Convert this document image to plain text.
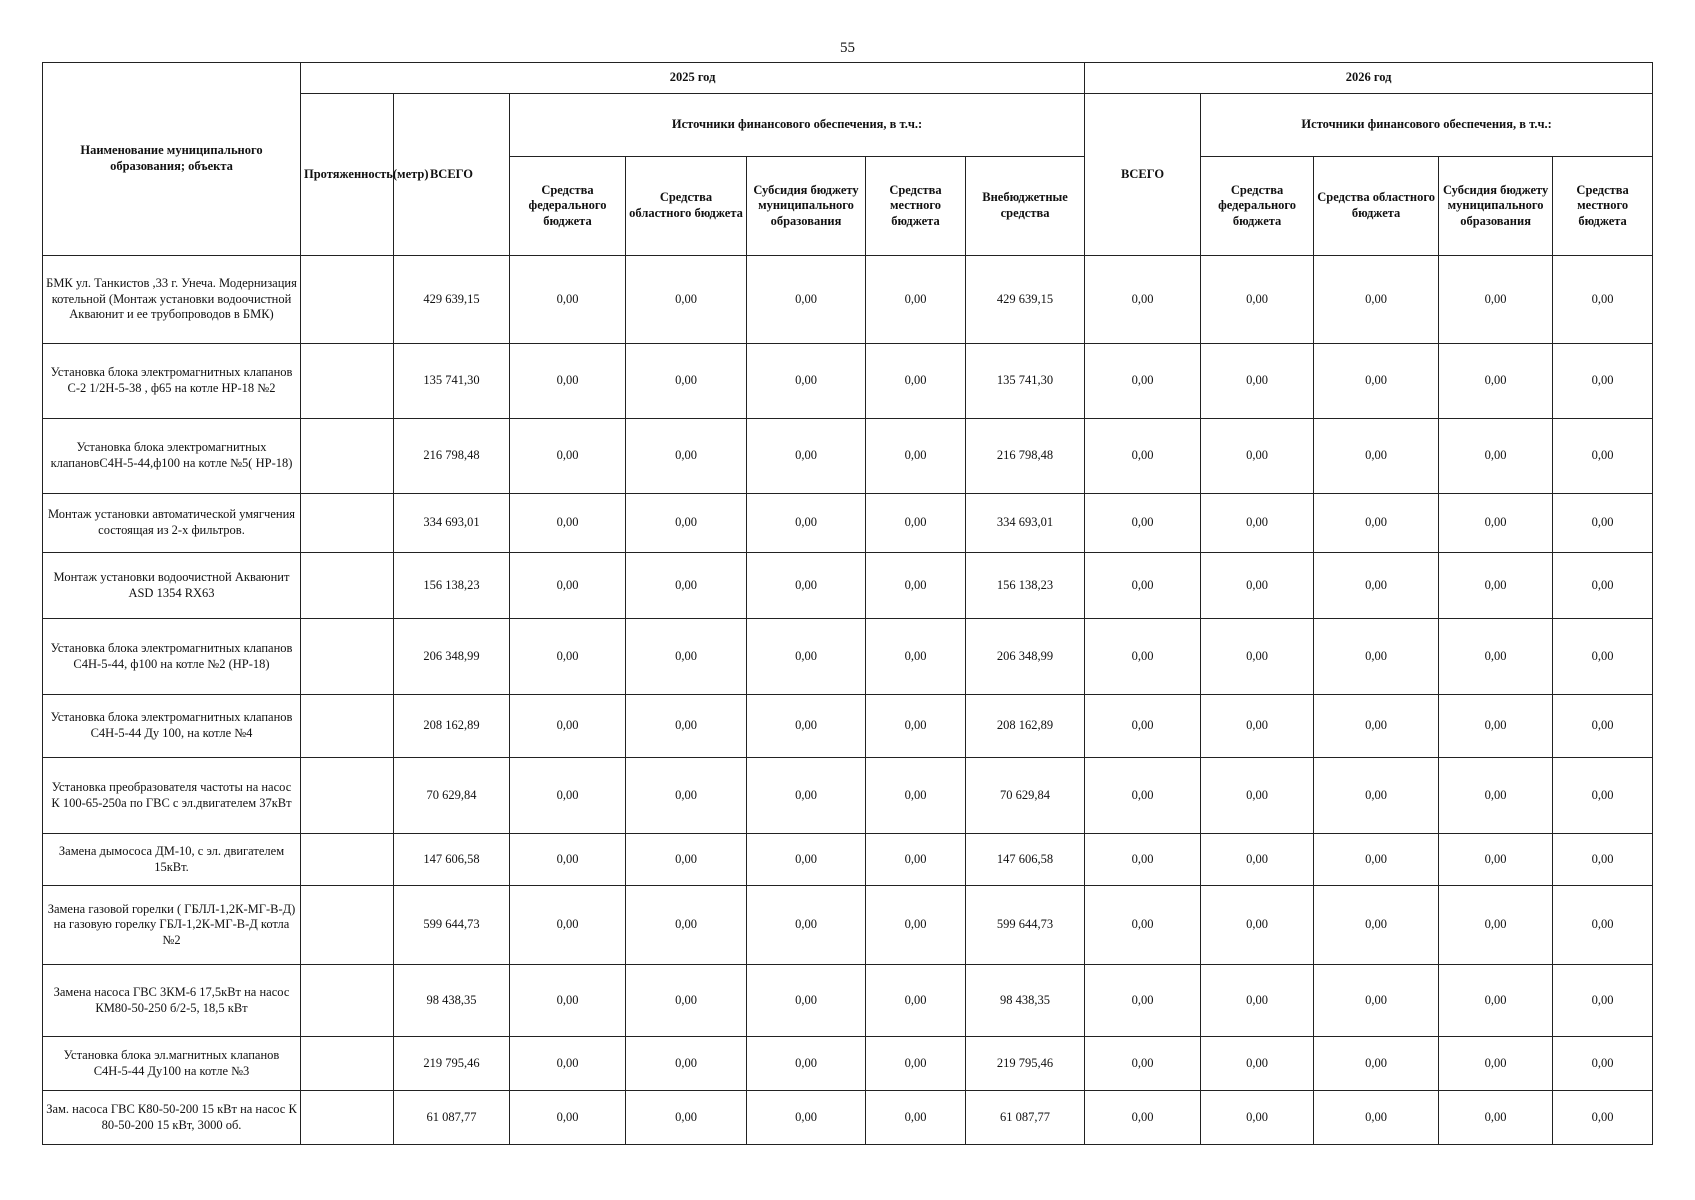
55
Наименование муниципального образования; объекта	2025 год							2026 год				
	Протяженность(метр)	ВСЕГО	Источники финансового обеспечения, в т.ч.:					ВСЕГО	Источники финансового обеспечения, в т.ч.:			
			Средства федерального бюджета	Средства областного бюджета	Субсидия бюджету муниципального образования	Средства местного бюджета	Внебюджетные средства		Средства федерального бюджета	Средства областного бюджета	Субсидия бюджету муниципального образования	Средства местного бюджета
БМК ул. Танкистов ,33 г. Унеча. Модернизация котельной (Монтаж установки водоочистной Акваюнит и ее трубопроводов в БМК)		429 639,15	0,00	0,00	0,00	0,00	429 639,15	0,00	0,00	0,00	0,00	0,00
Установка блока электромагнитных клапанов С-2 1/2Н-5-38 , ф65 на котле НР-18 №2		135 741,30	0,00	0,00	0,00	0,00	135 741,30	0,00	0,00	0,00	0,00	0,00
Установка блока электромагнитных клапановС4Н-5-44,ф100 на котле №5( НР-18)		216 798,48	0,00	0,00	0,00	0,00	216 798,48	0,00	0,00	0,00	0,00	0,00
Монтаж установки автоматической умягчения состоящая из 2-х фильтров.		334 693,01	0,00	0,00	0,00	0,00	334 693,01	0,00	0,00	0,00	0,00	0,00
Монтаж установки водоочистной Акваюнит ASD 1354 RX63		156 138,23	0,00	0,00	0,00	0,00	156 138,23	0,00	0,00	0,00	0,00	0,00
Установка блока электромагнитных клапанов С4Н-5-44, ф100 на котле №2 (НР-18)		206 348,99	0,00	0,00	0,00	0,00	206 348,99	0,00	0,00	0,00	0,00	0,00
Установка блока электромагнитных клапанов С4Н-5-44 Ду 100, на котле №4		208 162,89	0,00	0,00	0,00	0,00	208 162,89	0,00	0,00	0,00	0,00	0,00
Установка преобразователя частоты на насос К 100-65-250а по ГВС с эл.двигателем 37кВт		70 629,84	0,00	0,00	0,00	0,00	70 629,84	0,00	0,00	0,00	0,00	0,00
Замена дымососа ДМ-10, с эл. двигателем 15кВт.		147 606,58	0,00	0,00	0,00	0,00	147 606,58	0,00	0,00	0,00	0,00	0,00
Замена газовой горелки ( ГБЛЛ-1,2К-МГ-В-Д) на газовую горелку ГБЛ-1,2К-МГ-В-Д котла №2		599 644,73	0,00	0,00	0,00	0,00	599 644,73	0,00	0,00	0,00	0,00	0,00
Замена насоса ГВС 3КМ-6 17,5кВт на насос КМ80-50-250 б/2-5, 18,5 кВт		98 438,35	0,00	0,00	0,00	0,00	98 438,35	0,00	0,00	0,00	0,00	0,00
Установка блока эл.магнитных клапанов С4Н-5-44 Ду100 на котле №3		219 795,46	0,00	0,00	0,00	0,00	219 795,46	0,00	0,00	0,00	0,00	0,00
Зам. насоса ГВС К80-50-200 15 кВт на насос К 80-50-200 15 кВт, 3000 об.		61 087,77	0,00	0,00	0,00	0,00	61 087,77	0,00	0,00	0,00	0,00	0,00
